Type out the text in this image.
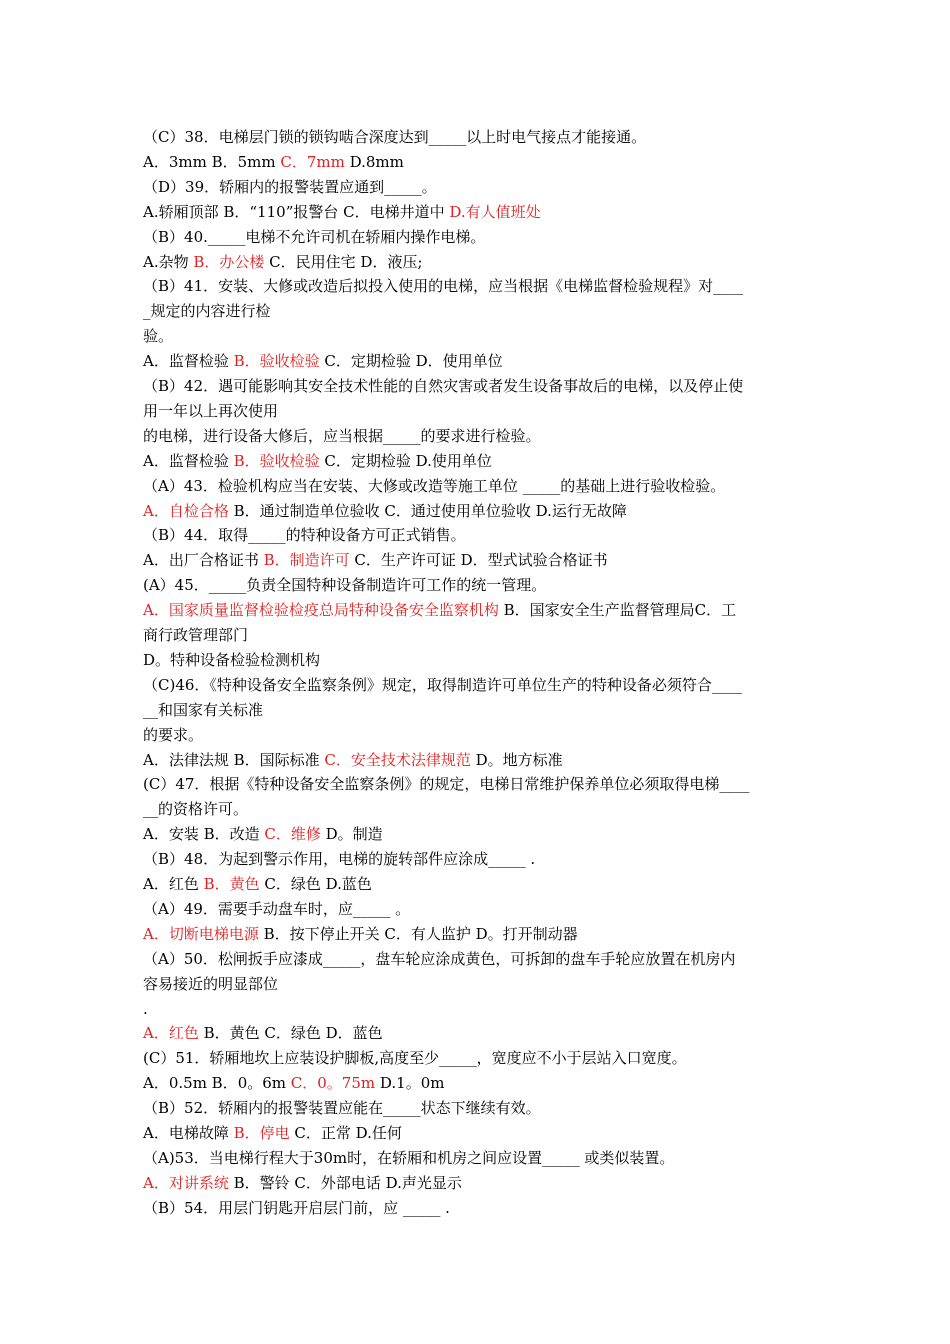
（C）38．电梯层门锁的锁钩啮合深度达到_____以上时电气接点才能接通。
A．3mm B．5mm C．7mm D.8mm
（D）39．轿厢内的报警装置应通到_____。
A.轿厢顶部 B．“110”报警台 C．电梯井道中 D.有人值班处
（B）40._____电梯不允许司机在轿厢内操作电梯。
A.杂物 B．办公楼 C．民用住宅 D．液压;
（B）41．安装、大修或改造后拟投入使用的电梯，应当根据《电梯监督检验规程》对____
_规定的内容进行检
验。
A．监督检验 B．验收检验 C．定期检验 D．使用单位
（B）42．遇可能影响其安全技术性能的自然灾害或者发生设备事故后的电梯，以及停止使
用一年以上再次使用
的电梯，进行设备大修后，应当根据_____的要求进行检验。
A．监督检验 B．验收检验 C．定期检验 D.使用单位
（A）43．检验机构应当在安装、大修或改造等施工单位 _____的基础上进行验收检验。
A．自检合格 B．通过制造单位验收 C．通过使用单位验收 D.运行无故障
（B）44．取得_____的特种设备方可正式销售。
A．出厂合格证书 B．制造许可 C．生产许可证 D．型式试验合格证书
(A）45．_____负责全国特种设备制造许可工作的统一管理。
A．国家质量监督检验检疫总局特种设备安全监察机构 B．国家安全生产监督管理局C．工
商行政管理部门
D。特种设备检验检测机构
（C)46．《特种设备安全监察条例》规定，取得制造许可单位生产的特种设备必须符合____
__和国家有关标准
的要求。
A．法律法规 B．国际标准 C．安全技术法律规范 D。地方标准
(C）47．根据《特种设备安全监察条例》的规定，电梯日常维护保养单位必须取得电梯____
__的资格许可。
A．安装 B．改造 C．维修 D。制造
（B）48．为起到警示作用，电梯的旋转部件应涂成_____ .
A．红色 B．黄色 C．绿色 D.蓝色
（A）49．需要手动盘车时，应_____ 。
A．切断电梯电源 B．按下停止开关 C．有人监护 D。打开制动器
（A）50．松闸扳手应漆成_____，盘车轮应涂成黄色，可拆卸的盘车手轮应放置在机房内
容易接近的明显部位
.
A．红色 B．黄色 C．绿色 D．蓝色
(C）51．轿厢地坎上应装设护脚板,高度至少_____，宽度应不小于层站入口宽度。
A．0.5m B．0。6m C．0。75m D.1。0m
（B）52．轿厢内的报警装置应能在_____状态下继续有效。
A．电梯故障 B．停电 C．正常 D.任何
（A)53．当电梯行程大于30m时，在轿厢和机房之间应设置_____ 或类似装置。
A．对讲系统 B．警铃 C．外部电话 D.声光显示
（B）54．用层门钥匙开启层门前，应 _____ .
